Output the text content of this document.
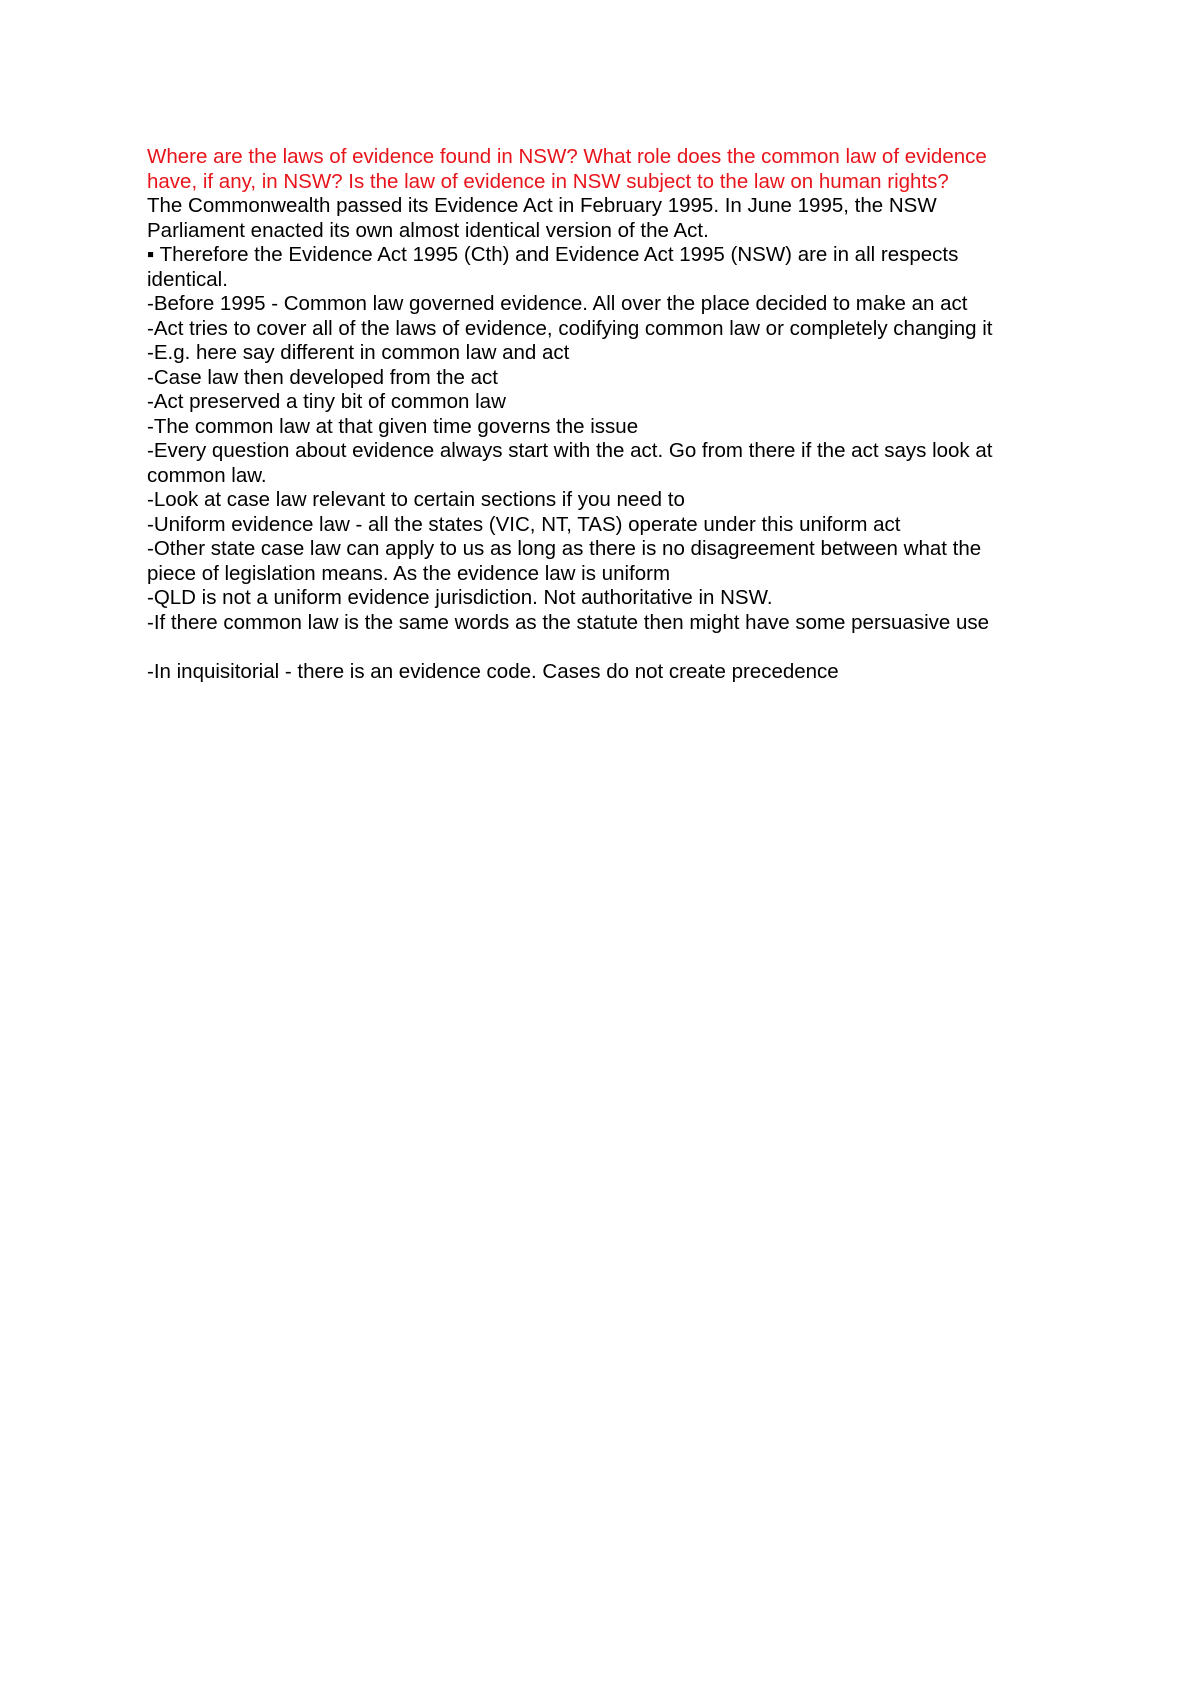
Where are the laws of evidence found in NSW? What role does the common law of evidence have, if any, in NSW? Is the law of evidence in NSW subject to the law on human rights?

The Commonwealth passed its Evidence Act in February 1995. In June 1995, the NSW Parliament enacted its own almost identical version of the Act.

▪ Therefore the Evidence Act 1995 (Cth) and Evidence Act 1995 (NSW) are in all respects identical.

-Before 1995 - Common law governed evidence. All over the place decided to make an act

-Act tries to cover all of the laws of evidence, codifying common law or completely changing it

-E.g. here say different in common law and act

-Case law then developed from the act

-Act preserved a tiny bit of common law

-The common law at that given time governs the issue

-Every question about evidence always start with the act. Go from there if the act says look at common law.

-Look at case law relevant to certain sections if you need to

-Uniform evidence law - all the states (VIC, NT, TAS) operate under this uniform act

-Other state case law can apply to us as long as there is no disagreement between what the piece of legislation means. As the evidence law is uniform

-QLD is not a uniform evidence jurisdiction. Not authoritative in NSW.

-If there common law is the same words as the statute then might have some persuasive use

-In inquisitorial - there is an evidence code. Cases do not create precedence
